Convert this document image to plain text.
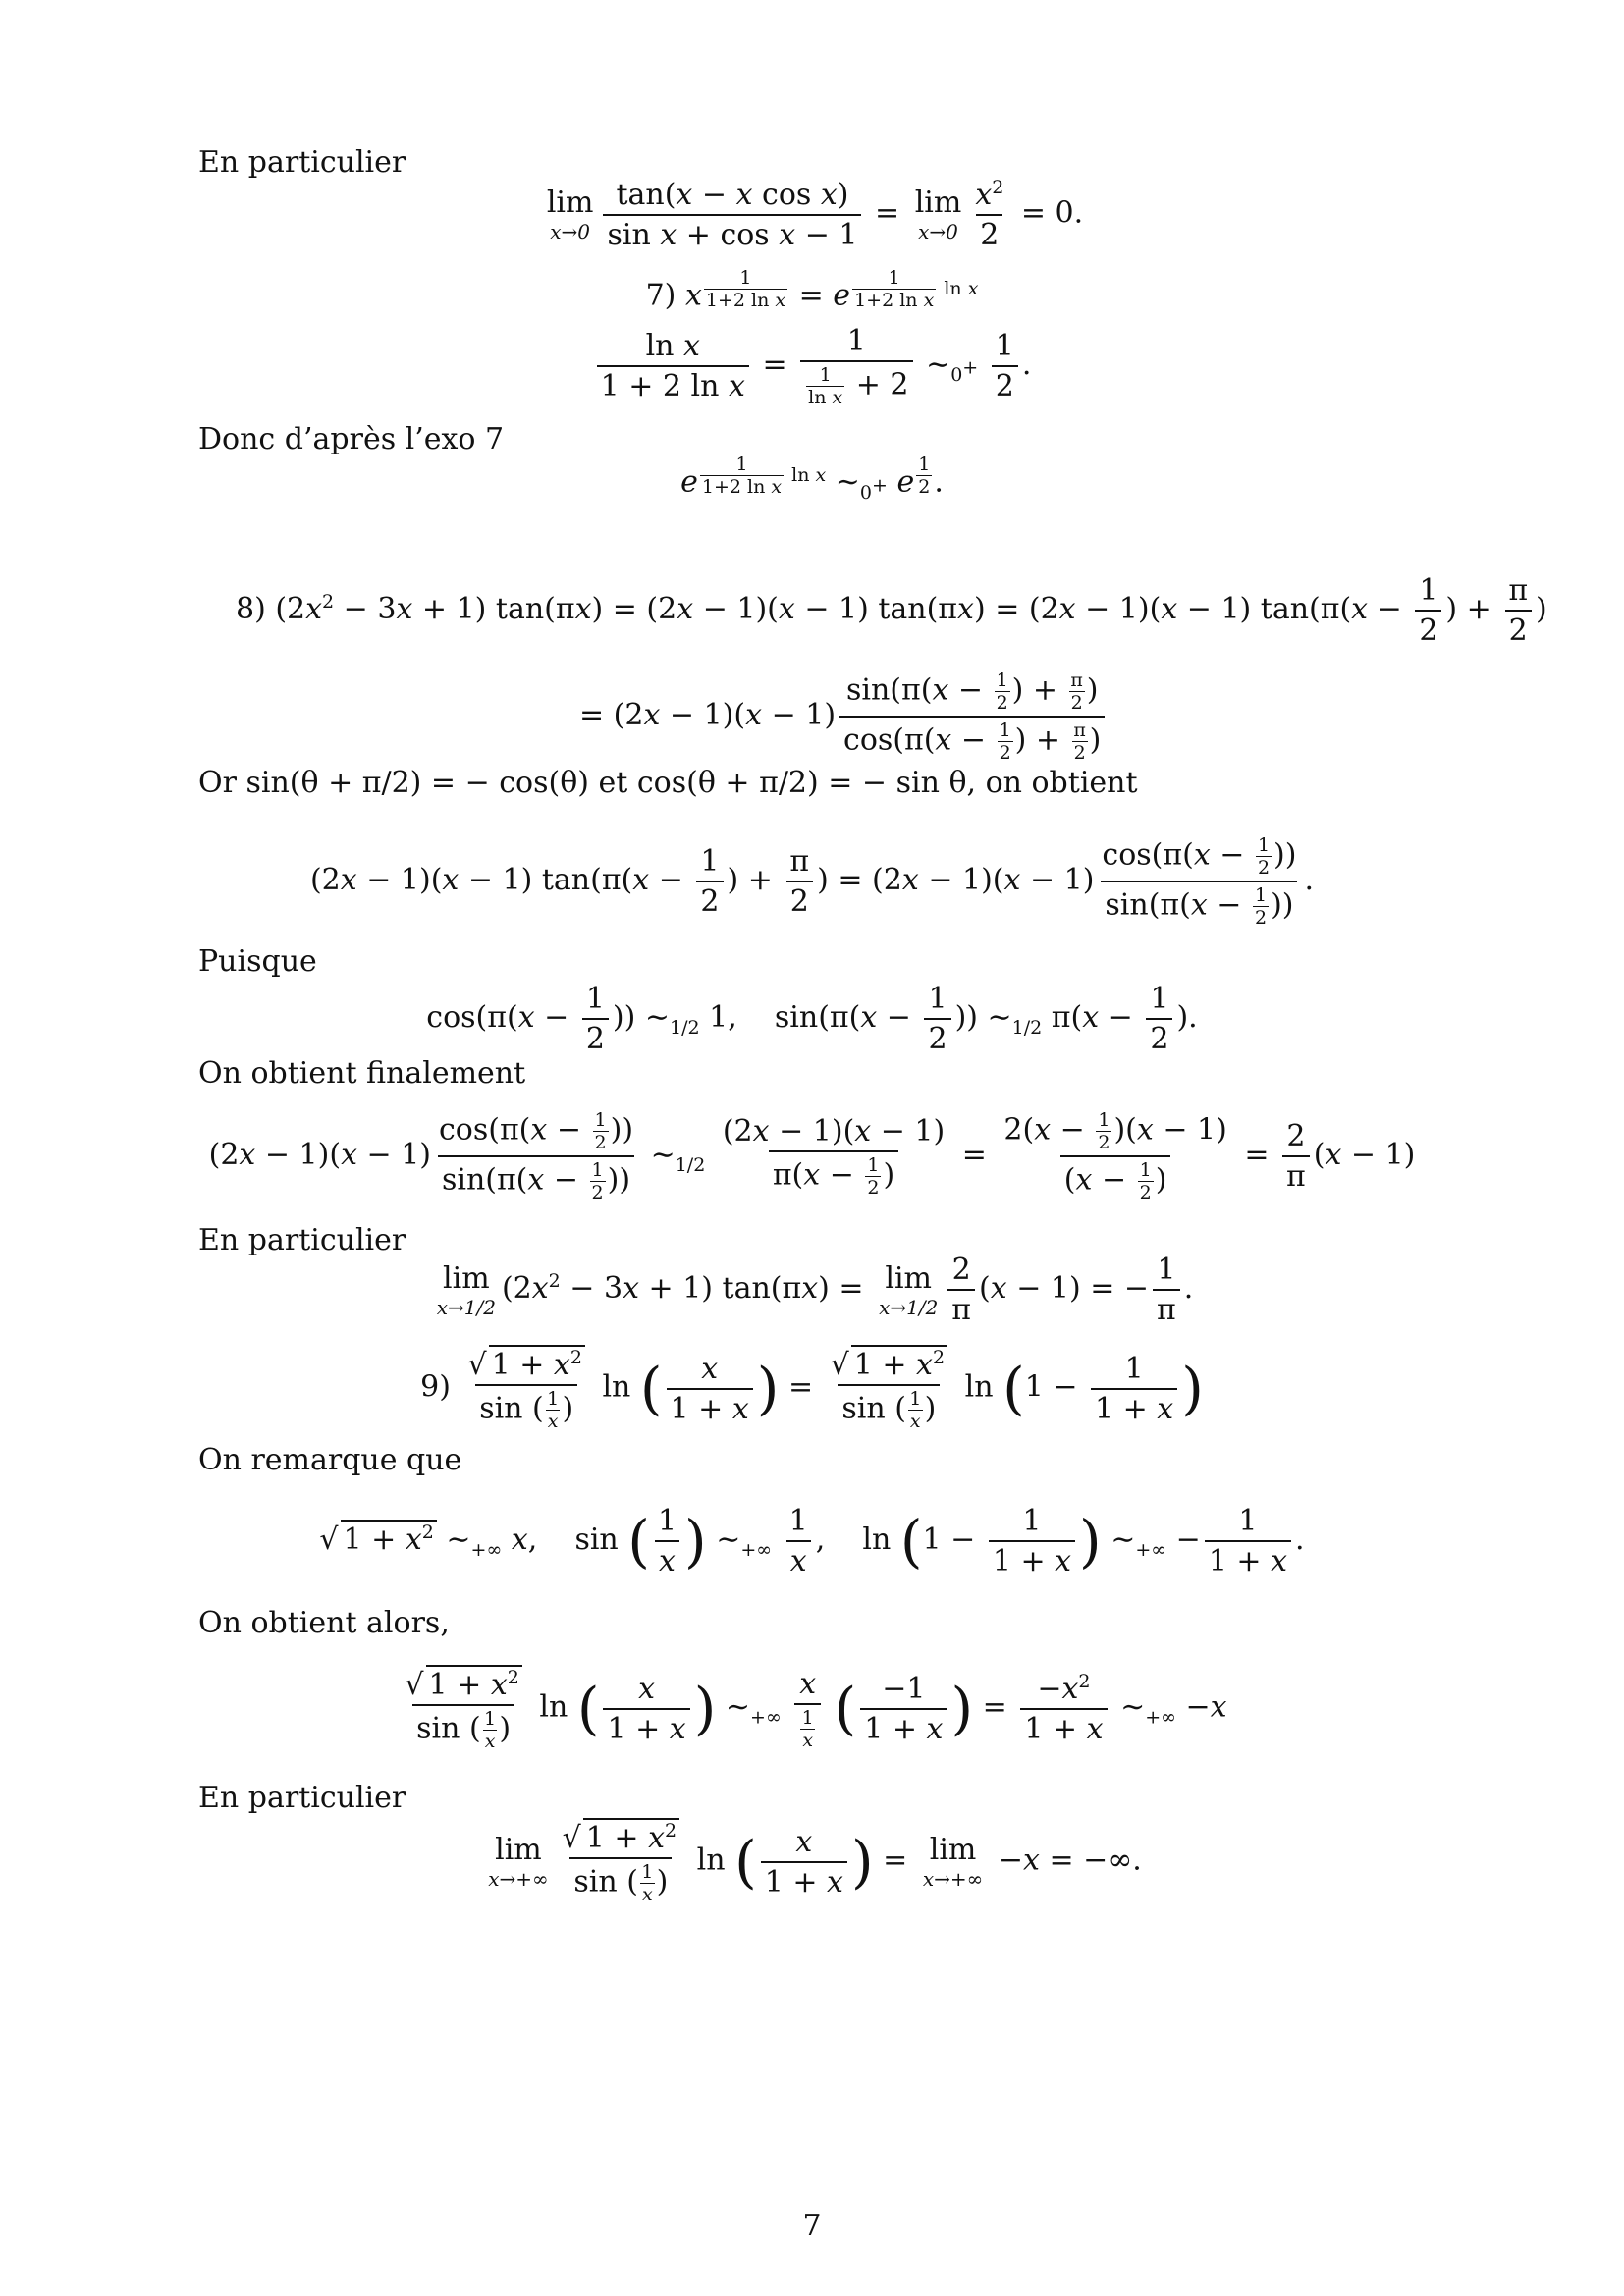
En particulier
lim
$x\to 0 \frac{\text{tan(x − x cos x)}}{\text{sin x + cos x − 1}} = \lim$
$x\to 0 \frac{x^2}{2} = 0$.
7) x $^{\frac{1}{\text{1+2 ln x}}}$ = e $^{\frac{1}{\text{1+2 ln x}} ln x}$
$\frac{\text{ln x}}{\text{1 + 2 ln x}} = \frac{1}{\frac{1}{\text{ln x}} + 2}$ $\sim_{0^+} \frac{1}{2}$ .
Donc d’après l’exo 7
e $^{\frac{1}{\text{1+2 ln x}} ln x}$ $\sim_{0^+}$ e $^{\frac{1}{2}}$ .
8) $(2x^2 - 3x + 1) \tan(\pi x) = (2x - 1)(x - 1) \tan(\pi x) = (2x - 1)(x - 1) \tan(\pi(x - \frac{1}{2}$ ) + $\frac{\pi}{2}$ )
= $(2x - 1)(x - 1) \frac{\sin(\pi(x - \frac{1}{2} ) + \frac{\pi}{2} )}{\cos(\pi(x - \frac{1}{2} ) + \frac{\pi}{2} )}$
Or sin(θ + π/2) = − cos(θ) et cos(θ + π/2) = − sin θ, on obtient
(2x − 1)(x − 1) $\tan(\pi(x - \frac{1}{2}$ ) + $\frac{\pi}{2}$ ) = $(2x - 1)(x - 1) \frac{\cos(\pi(x - \frac{1}{2} ))}{\sin(\pi(x - \frac{1}{2} ))}$ .
Puisque
$\cos(\pi(x - \frac{1}{2}$ )) $\sim_{1/2}$ 1,    $\sin(\pi(x - \frac{1}{2}$ )) $\sim_{1/2}$ $\pi(x - \frac{1}{2}$ ).
On obtient finalement
$(2x - 1)(x - 1) \frac{\cos(\pi(x - \frac{1}{2} ))}{\sin(\pi(x - \frac{1}{2} ))}$ $\sim_{1/2} \frac{(2x - 1)(x - 1)}{\pi(x - \frac{1}{2} )} = \frac{2(x - \frac{1}{2} )(x - 1)}{(x - \frac{1}{2} )} = \frac{2}{\pi} (x - 1)$
En particulier
lim
x→1/2
$(2x^2 - 3x + 1) \tan(\pi x) = \lim$
$x\to 1/2 \frac{2}{\pi} (x - 1)$ = − $\frac{1}{\pi}$ .
$9) \frac{√ 1 + x^2}{\sin ( \frac{1}{x} )}$ ln ( $\frac{x}{1 + x}$ ) = $\frac{√ 1 + x^2}{\sin ( \frac{1}{x} )}$ $\ln (1 - \frac{1}{1 + x}$ )
On remarque que
√ $1 + x^2$ $\sim_{+\infty}$ x,    sin ( $\frac{1}{x}$ ) $\sim_{+\infty} \frac{1}{x}$ ,    $\ln (1 - \frac{1}{1 + x}$ ) $\sim_{+\infty} - \frac{1}{1 + x}$ .
On obtient alors,
$\frac{√ 1 + x^2}{\sin ( \frac{1}{x} )}$ ln ( $\frac{x}{1 + x}$ ) $\sim_{+\infty} \frac{x}{\frac{1}{x}}$ ( $\frac{-1}{1 + x}$ ) = $\frac{-x^2}{1 + x}$ $\sim_{+\infty} -x$
En particulier
lim
$x\to+\infty \frac{√ 1 + x^2}{\sin ( \frac{1}{x} )}$ ln ( $\frac{x}{1 + x}$ ) = lim
x→+∞
−x = −∞.
7
